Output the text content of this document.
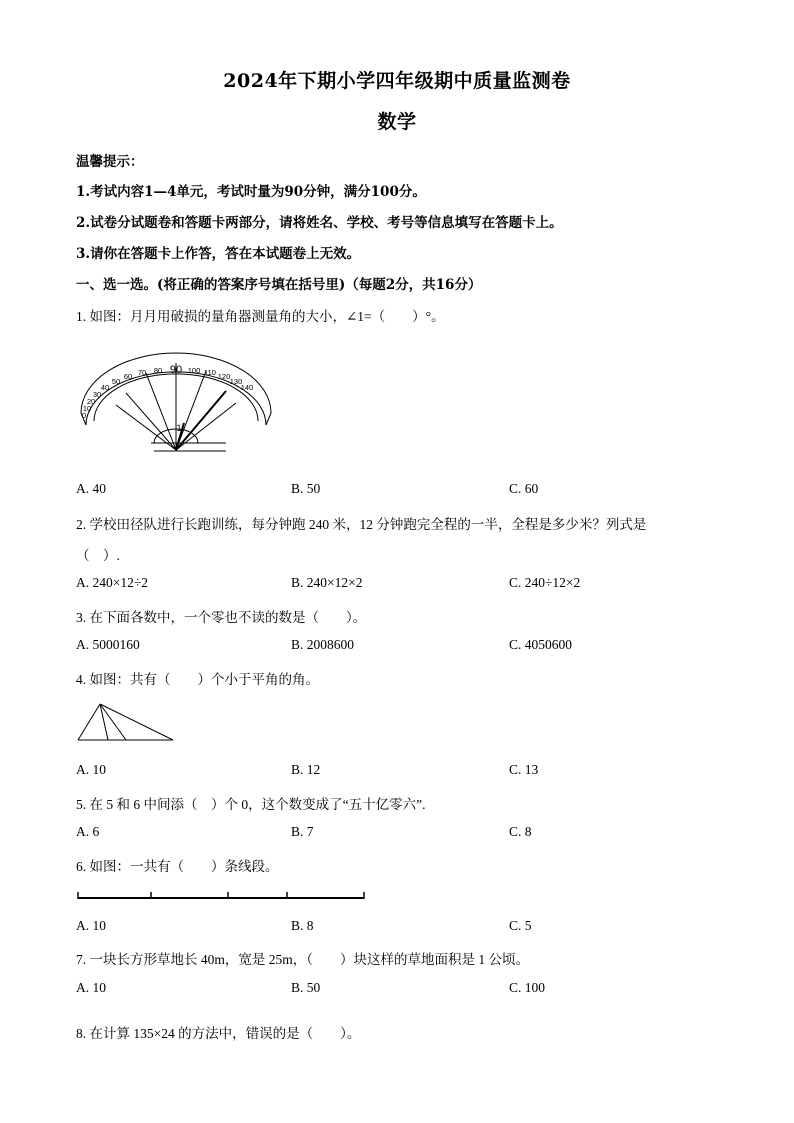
2024年下期小学四年级期中质量监测卷
数学
温馨提示：
1.考试内容1—4单元，考试时量为90分钟，满分100分。
2.试卷分试题卷和答题卡两部分，请将姓名、学校、考号等信息填写在答题卡上。
3.请你在答题卡上作答，答在本试题卷上无效。
一、选一选。(将正确的答案序号填在括号里)（每题2分，共16分）
1. 如图：月月用破损的量角器测量角的大小，∠1=（　　）°。
90
80
70
60
50
40
30
20
10
0
100 110 120
130
140
1
A. 40	B. 50	C. 60
2. 学校田径队进行长跑训练，每分钟跑 240 米，12 分钟跑完全程的一半，全程是多少米？列式是
（　）.
A. 240×12÷2	B. 240×12×2	C. 240÷12×2
3. 在下面各数中，一个零也不读的数是（　　）。
A. 5000160	B. 2008600	C. 4050600
4. 如图：共有（　　）个小于平角的角。
A. 10	B. 12	C. 13
5. 在 5 和 6 中间添（　）个 0，这个数变成了“五十亿零六”.
A. 6	B. 7	C. 8
6. 如图：一共有（　　）条线段。
A. 10	B. 8	C. 5
7. 一块长方形草地长 40m，宽是 25m，（　　）块这样的草地面积是 1 公顷。
A. 10	B. 50	C. 100
8. 在计算 135×24 的方法中，错误的是（　　）。
